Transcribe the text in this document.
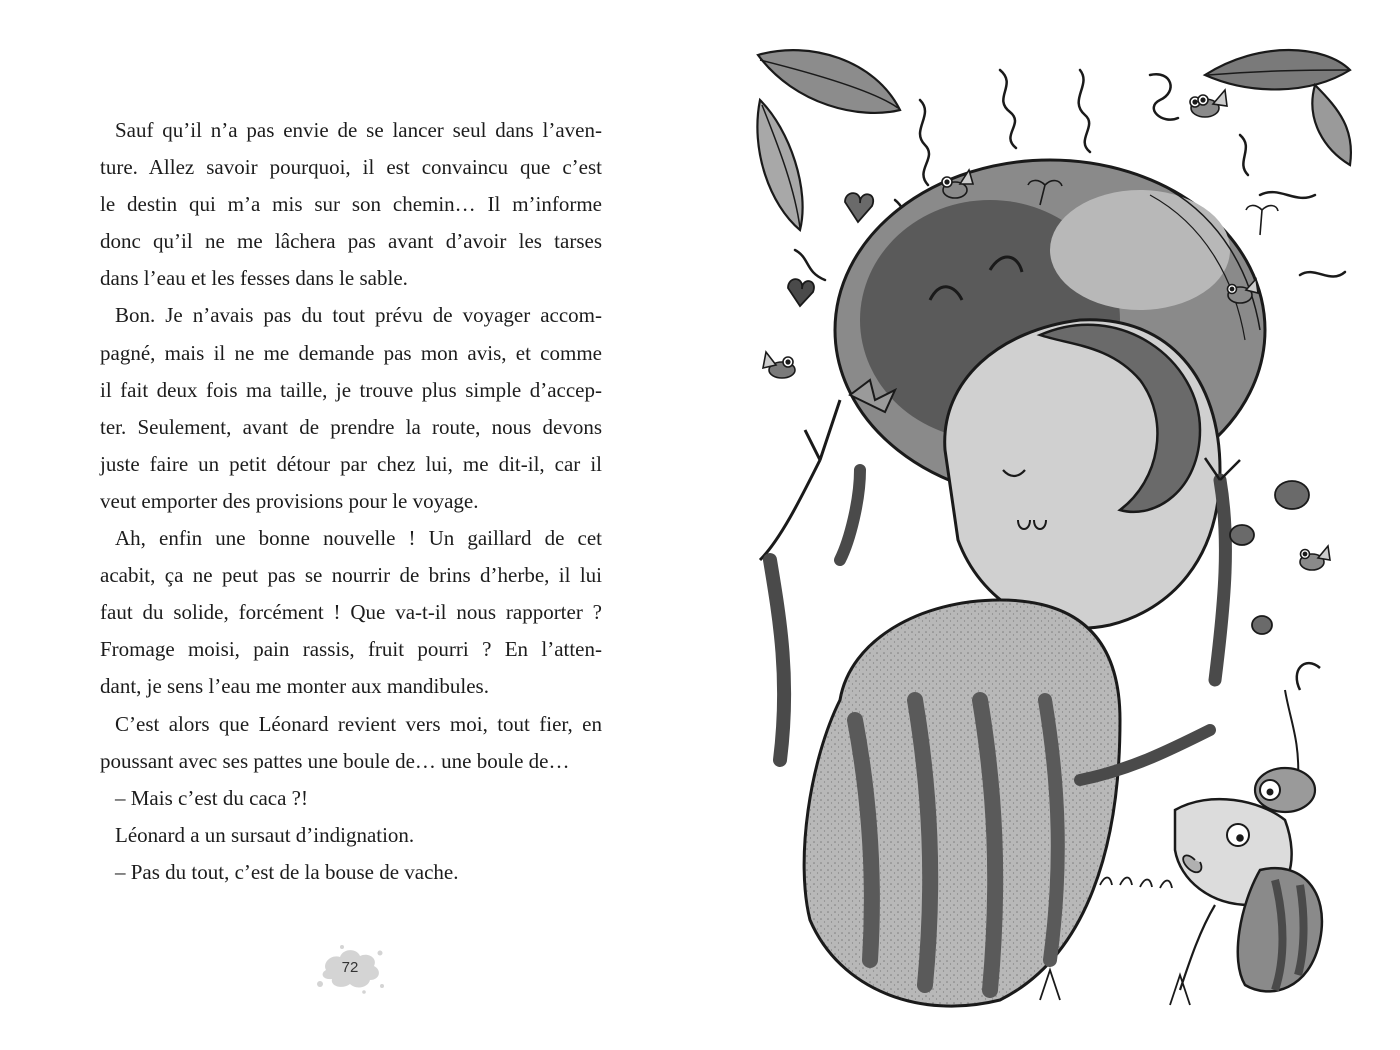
Sauf qu’il n’a pas envie de se lancer seul dans l’aven-
ture. Allez savoir pourquoi, il est convaincu que c’est
le destin qui m’a mis sur son chemin… Il m’informe
donc qu’il ne me lâchera pas avant d’avoir les tarses
dans l’eau et les fesses dans le sable.

Bon. Je n’avais pas du tout prévu de voyager accom-
pagné, mais il ne me demande pas mon avis, et comme
il fait deux fois ma taille, je trouve plus simple d’accep-
ter. Seulement, avant de prendre la route, nous devons
juste faire un petit détour par chez lui, me dit-il, car il
veut emporter des provisions pour le voyage.

Ah, enfin une bonne nouvelle ! Un gaillard de cet
acabit, ça ne peut pas se nourrir de brins d’herbe, il lui
faut du solide, forcément ! Que va-t-il nous rapporter ?
Fromage moisi, pain rassis, fruit pourri ? En l’atten-
dant, je sens l’eau me monter aux mandibules.

C’est alors que Léonard revient vers moi, tout fier, en
poussant avec ses pattes une boule de… une boule de…

– Mais c’est du caca ?!

Léonard a un sursaut d’indignation.

– Pas du tout, c’est de la bouse de vache.

72
